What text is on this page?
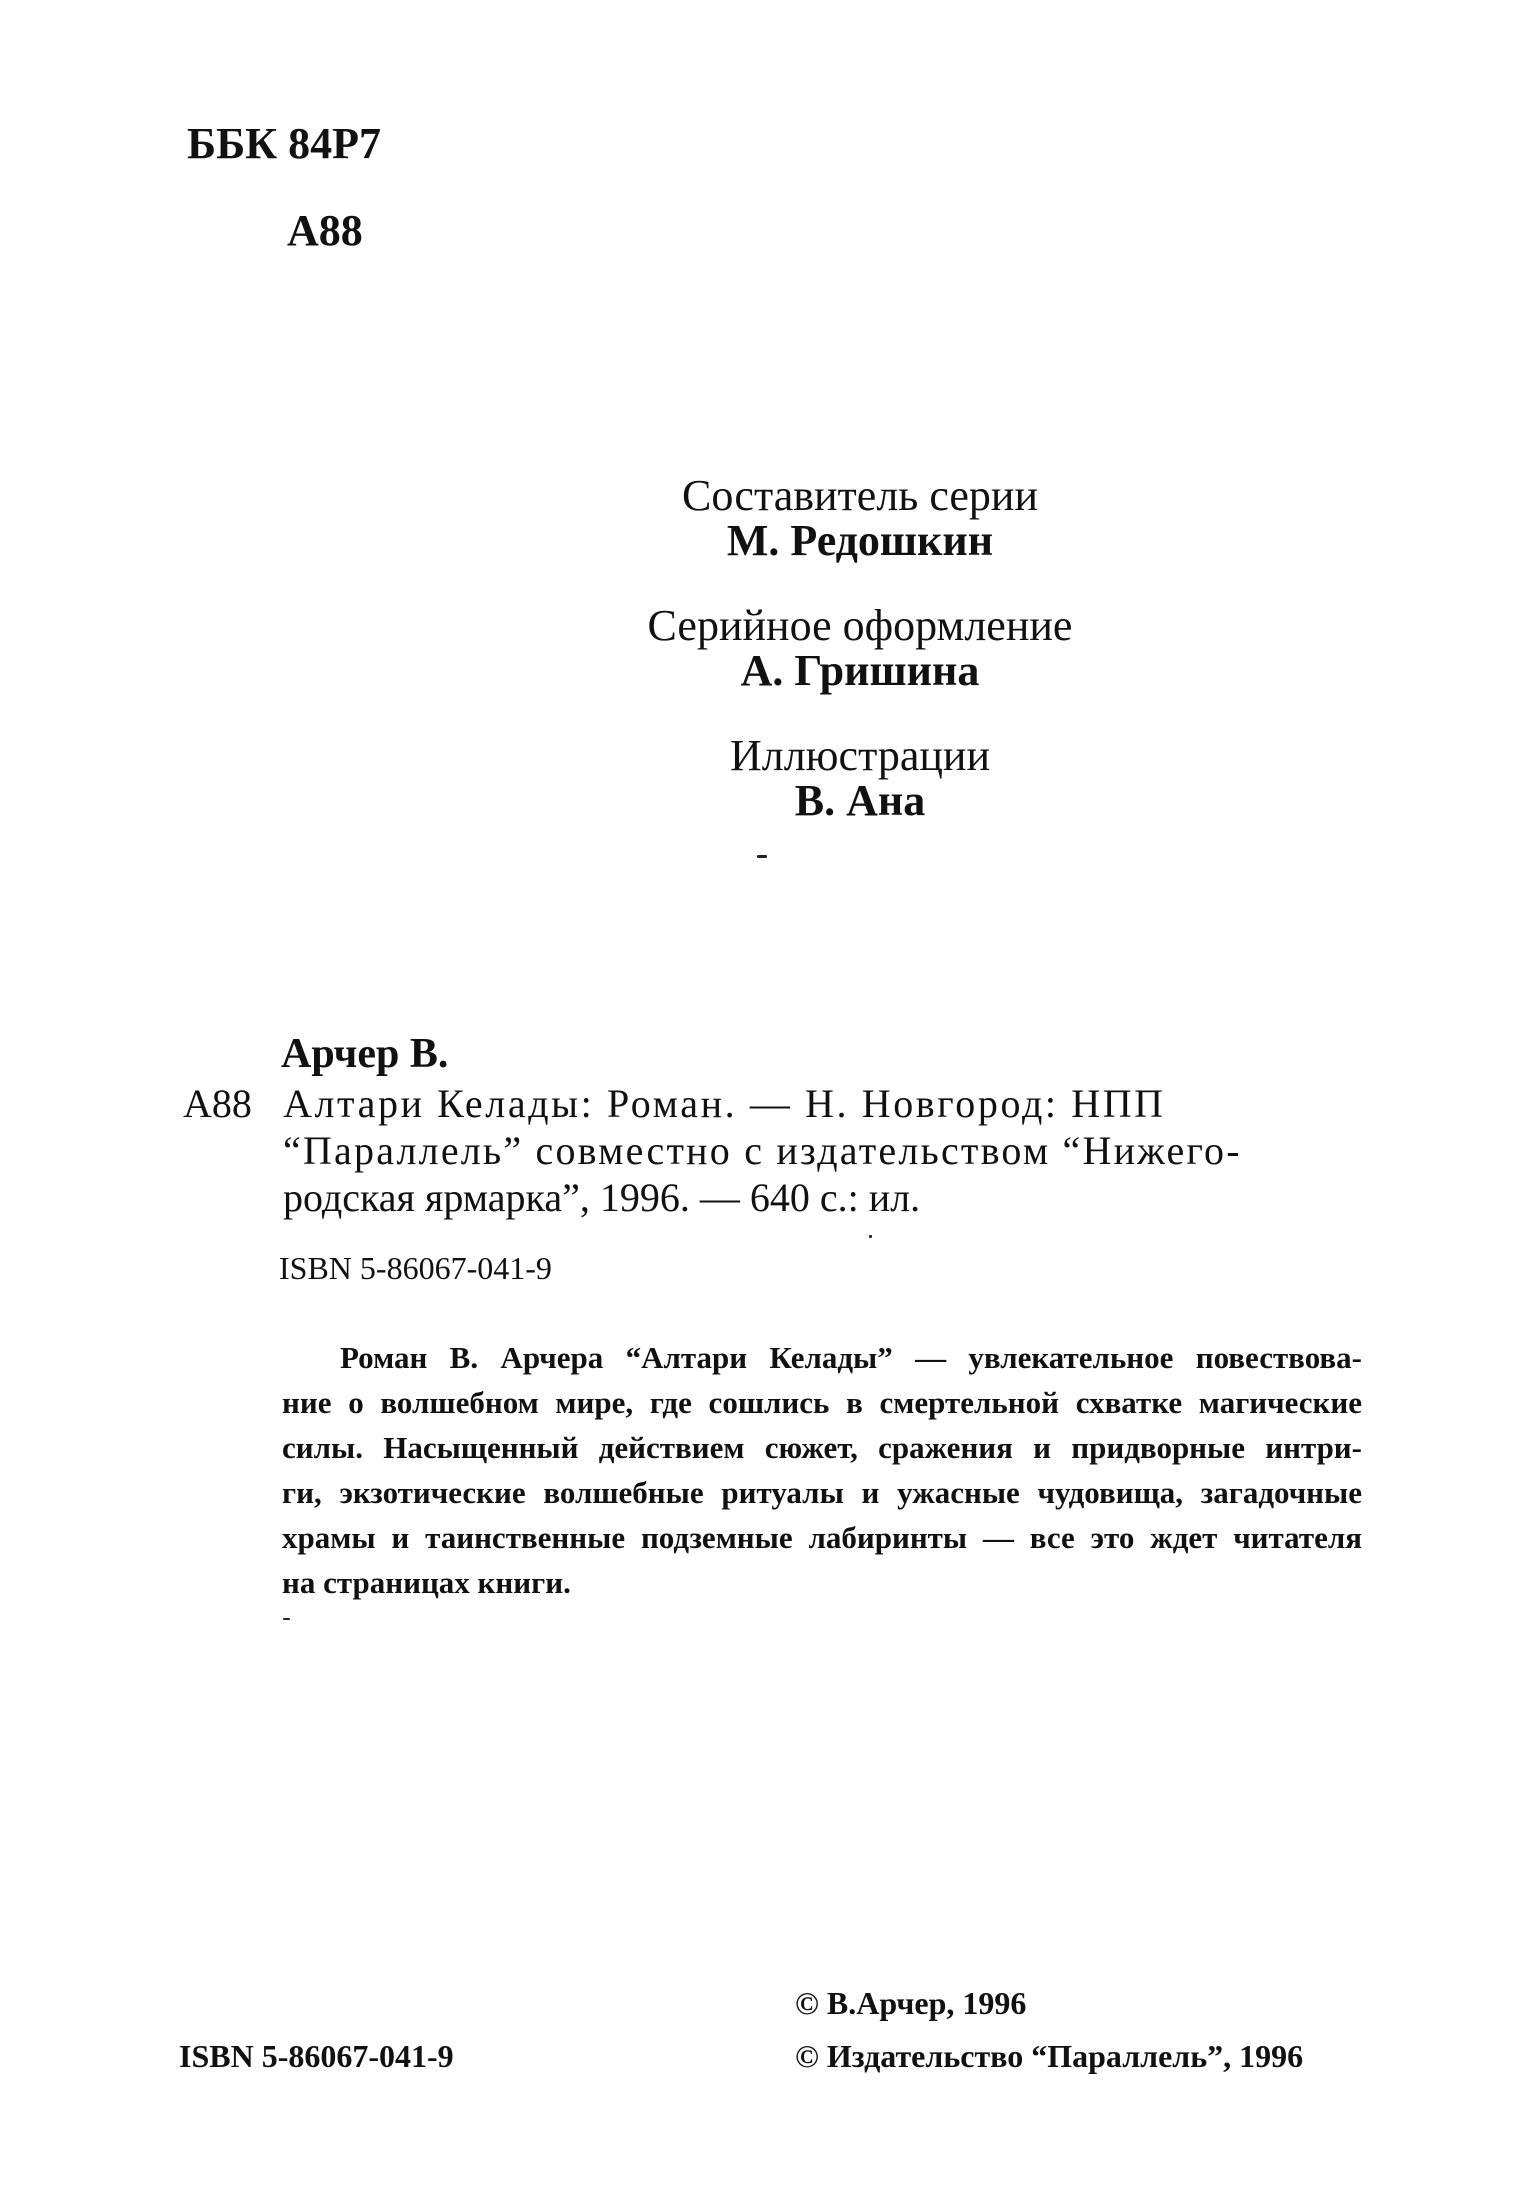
ББК 84Р7
А88
Составитель серии
М. Редошкин
Серийное оформление
А. Гришина
Иллюстрации
В. Ана
Арчер В.
А88 Алтари Келады: Роман. — Н. Новгород: НПП
“Параллель” совместно с издательством “Нижего-
родская ярмарка”, 1996. — 640 с.: ил.
ISBN 5-86067-041-9
Роман В. Арчера “Алтари Келады” — увлекательное повествова-
ние о волшебном мире, где сошлись в смертельной схватке магические
силы. Насыщенный действием сюжет, сражения и придворные интри-
ги, экзотические волшебные ритуалы и ужасные чудовища, загадочные
храмы и таинственные подземные лабиринты — все это ждет читателя
на страницах книги.
© В.Арчер, 1996
ISBN 5-86067-041-9	© Издательство “Параллель”, 1996
